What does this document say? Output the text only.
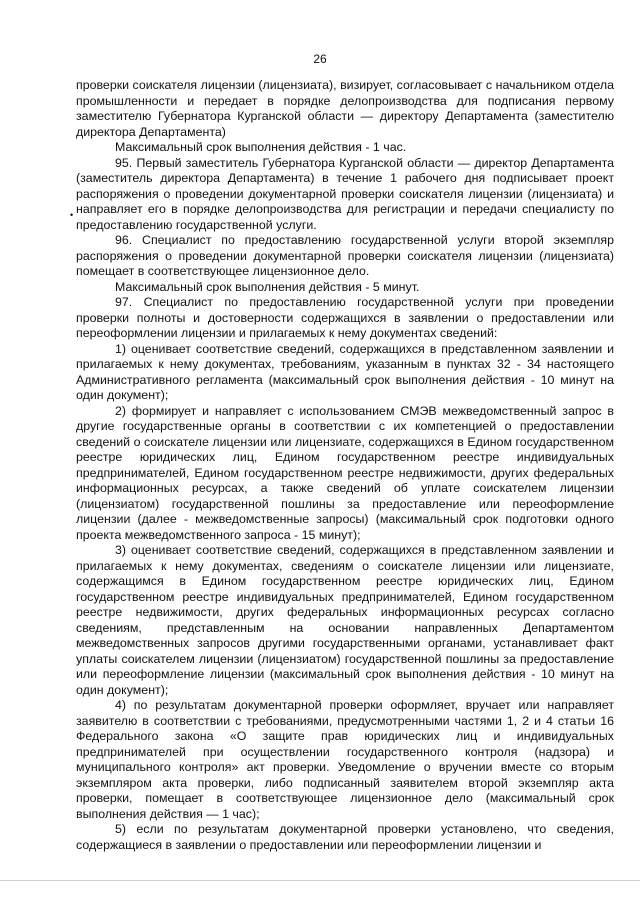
26
•

проверки соискателя лицензии (лицензиата), визирует, согласовывает с начальником отдела промышленности и передает в порядке делопроизводства для подписания первому заместителю Губернатора Курганской области — директору Департамента (заместителю директора Департамента)

Максимальный срок выполнения действия - 1 час.

95. Первый заместитель Губернатора Курганской области — директор Департамента (заместитель директора Департамента) в течение 1 рабочего дня подписывает проект распоряжения о проведении документарной проверки соискателя лицензии (лицензиата) и направляет его в порядке делопроизводства для регистрации и передачи специалисту по предоставлению государственной услуги.

96. Специалист по предоставлению государственной услуги второй экземпляр распоряжения о проведении документарной проверки соискателя лицензии (лицензиата) помещает в соответствующее лицензионное дело.

Максимальный срок выполнения действия - 5 минут.

97. Специалист по предоставлению государственной услуги при проведении проверки полноты и достоверности содержащихся в заявлении о предоставлении или переоформлении лицензии и прилагаемых к нему документах сведений:

1) оценивает соответствие сведений, содержащихся в представленном заявлении и прилагаемых к нему документах, требованиям, указанным в пунктах 32 - 34 настоящего Административного регламента (максимальный срок выполнения действия - 10 минут на один документ);

2) формирует и направляет с использованием СМЭВ межведомственный запрос в другие государственные органы в соответствии с их компетенцией о предоставлении сведений о соискателе лицензии или лицензиате, содержащихся в Едином государственном реестре юридических лиц, Едином государственном реестре индивидуальных предпринимателей, Едином государственном реестре недвижимости, других федеральных информационных ресурсах, а также сведений об уплате соискателем лицензии (лицензиатом) государственной пошлины за предоставление или переоформление лицензии (далее - межведомственные запросы) (максимальный срок подготовки одного проекта межведомственного запроса - 15 минут);

3) оценивает соответствие сведений, содержащихся в представленном заявлении и прилагаемых к нему документах, сведениям о соискателе лицензии или лицензиате, содержащимся в Едином государственном реестре юридических лиц, Едином государственном реестре индивидуальных предпринимателей, Едином государственном реестре недвижимости, других федеральных информационных ресурсах согласно сведениям, представленным на основании направленных Департаментом межведомственных запросов другими государственными органами, устанавливает факт уплаты соискателем лицензии (лицензиатом) государственной пошлины за предоставление или переоформление лицензии (максимальный срок выполнения действия - 10 минут на один документ);

4) по результатам документарной проверки оформляет, вручает или направляет заявителю в соответствии с требованиями, предусмотренными частями 1, 2 и 4 статьи 16 Федерального закона «О защите прав юридических лиц и индивидуальных предпринимателей при осуществлении государственного контроля (надзора) и муниципального контроля» акт проверки. Уведомление о вручении вместе со вторым экземпляром акта проверки, либо подписанный заявителем второй экземпляр акта проверки, помещает в соответствующее лицензионное дело (максимальный срок выполнения действия — 1 час);

5) если по результатам документарной проверки установлено, что сведения, содержащиеся в заявлении о предоставлении или переоформлении лицензии и
